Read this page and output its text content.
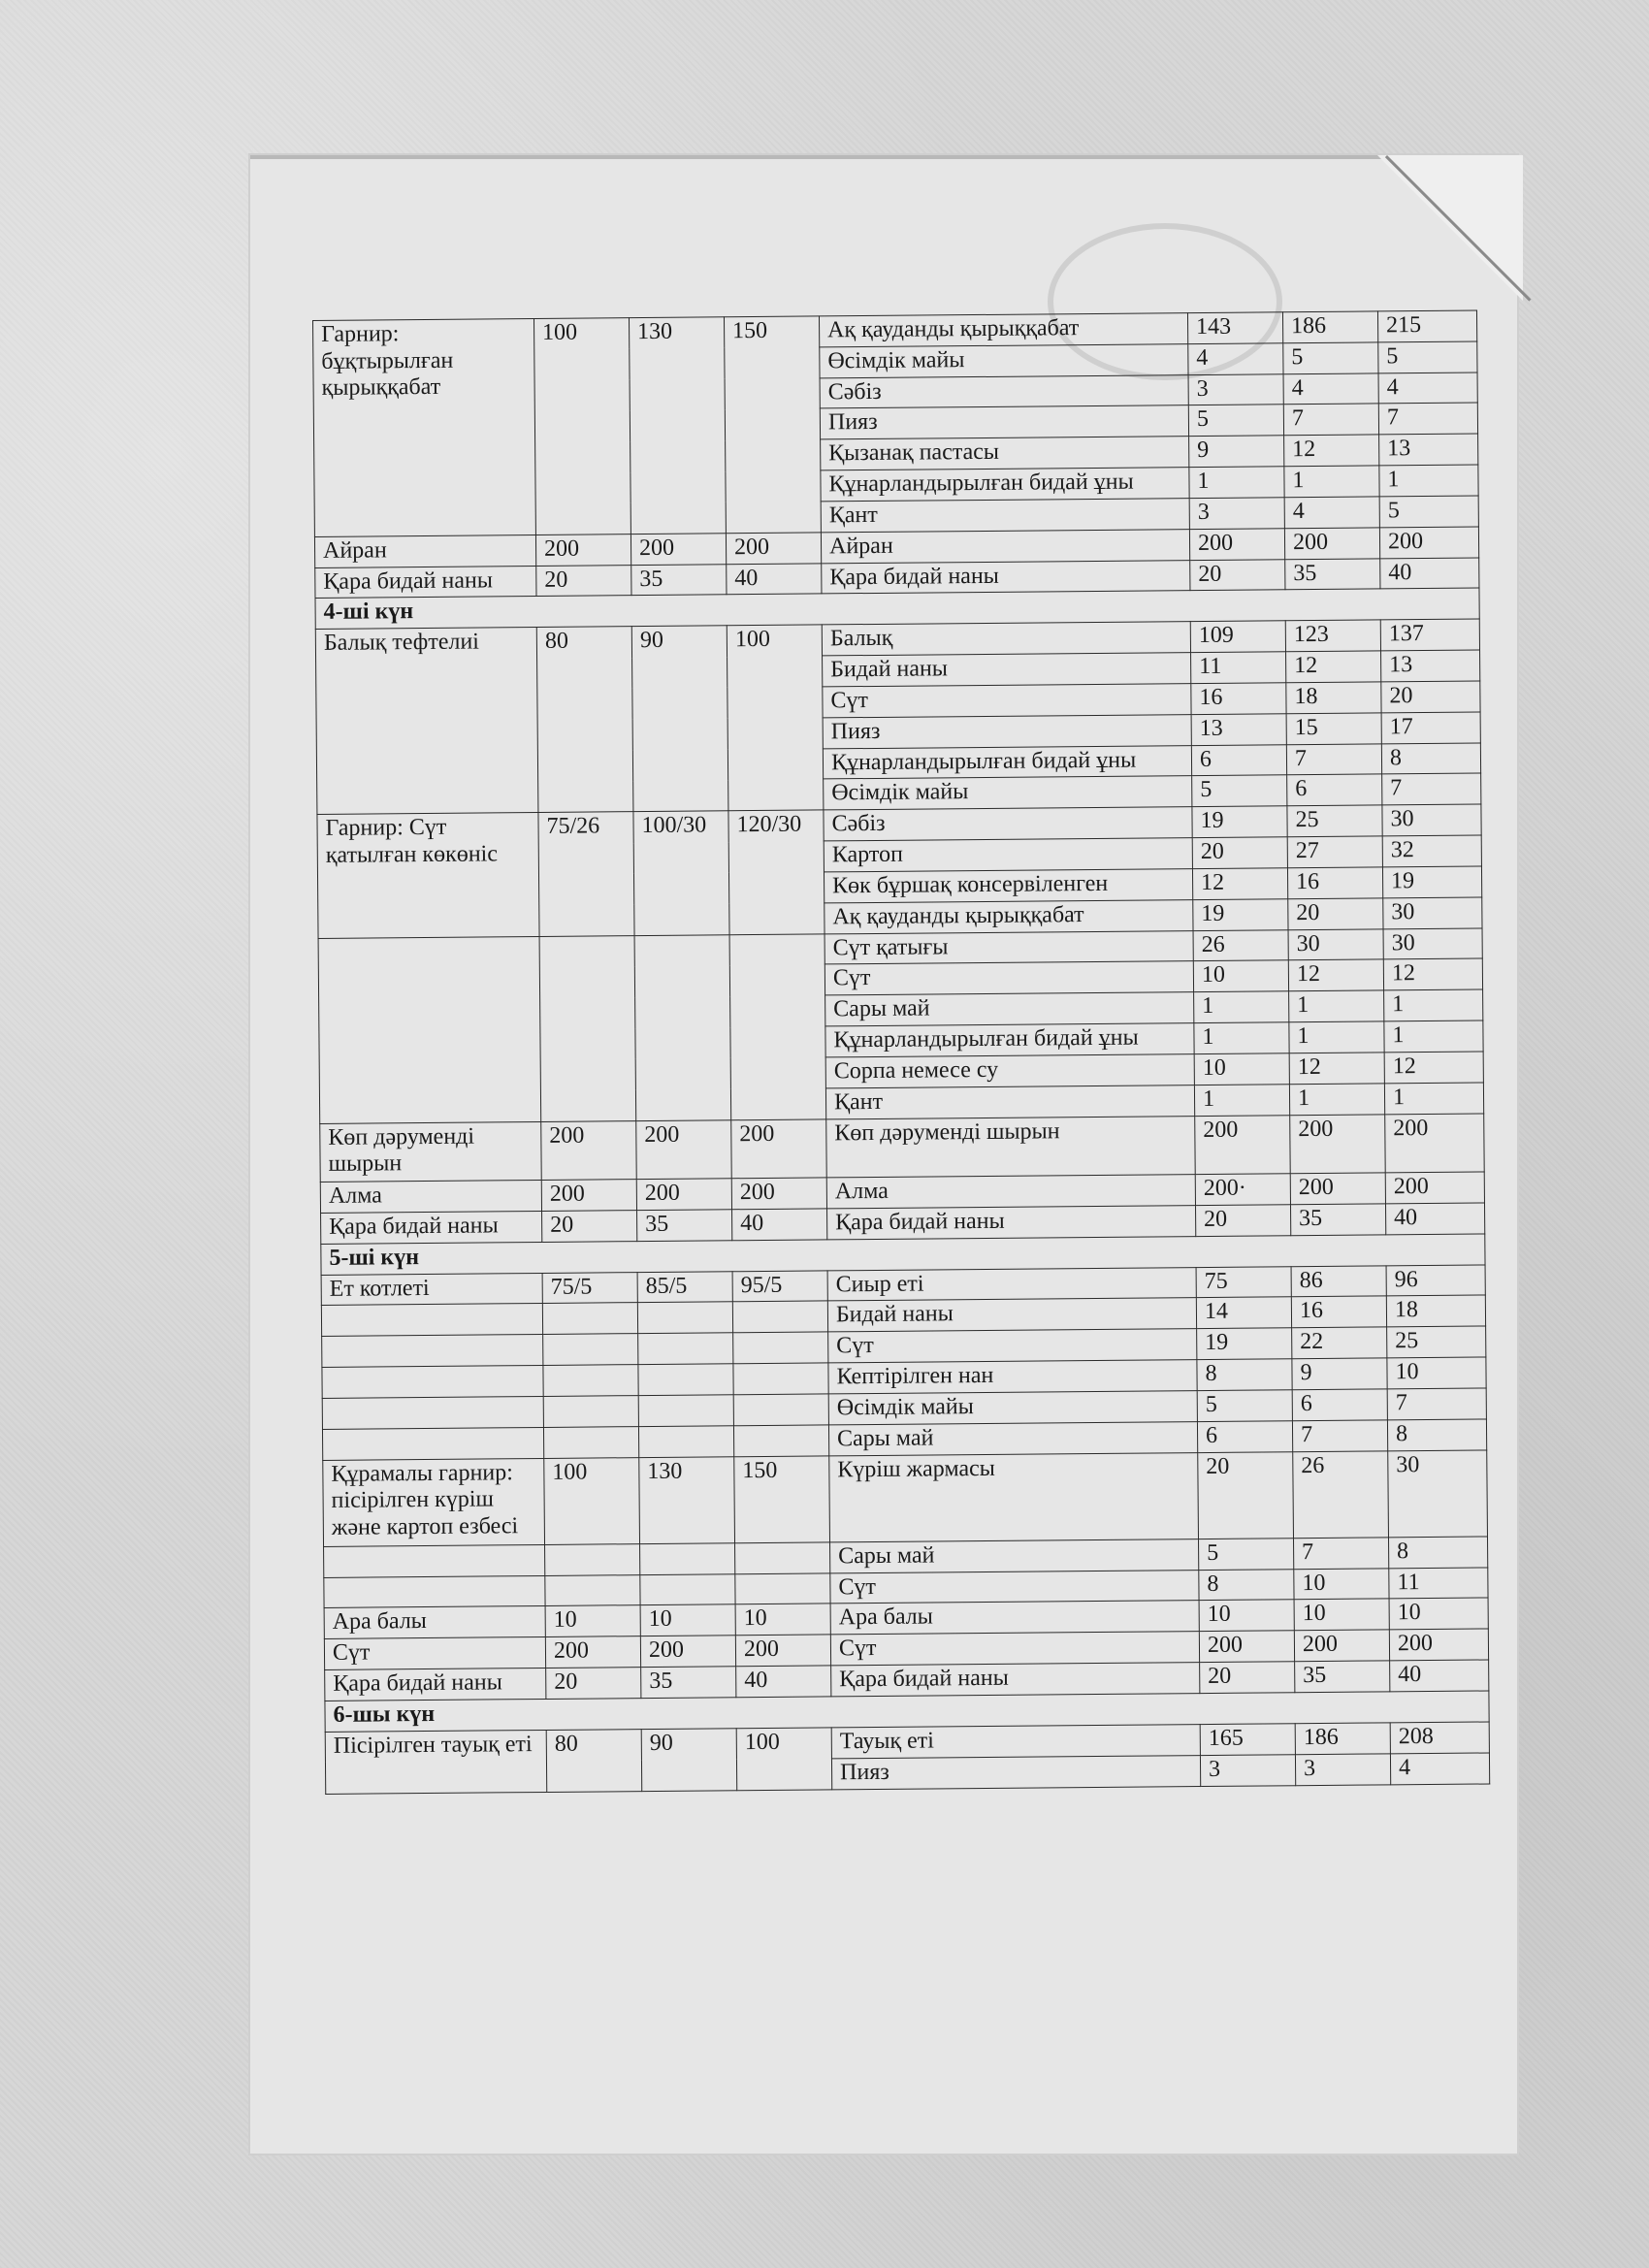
Гарнир: бұқтырылған қырыққабат	100	130	150	Ақ қауданды қырыққабат	143	186	215
				Өсімдік майы	4	5	5
				Сәбіз	3	4	4
				Пияз	5	7	7
				Қызанақ пастасы	9	12	13
				Құнарландырылған бидай ұны	1	1	1
				Қант	3	4	5
Айран	200	200	200	Айран	200	200	200
Қара бидай наны	20	35	40	Қара бидай наны	20	35	40
4-ші күн							
Балық тефтелиі	80	90	100	Балық	109	123	137
				Бидай наны	11	12	13
				Сүт	16	18	20
				Пияз	13	15	17
				Құнарландырылған бидай ұны	6	7	8
				Өсімдік майы	5	6	7
Гарнир: Сүт қатылған көкөніс	75/26	100/30	120/30	Сәбіз	19	25	30
				Картоп	20	27	32
				Көк бұршақ консервіленген	12	16	19
				Ақ қауданды қырыққабат	19	20	30
				Сүт қатығы	26	30	30
				Сүт	10	12	12
				Сары май	1	1	1
				Құнарландырылған бидай ұны	1	1	1
				Сорпа немесе су	10	12	12
				Қант	1	1	1
Көп дәруменді шырын	200	200	200	Көп дәруменді шырын	200	200	200
Алма	200	200	200	Алма	200·	200	200
Қара бидай наны	20	35	40	Қара бидай наны	20	35	40
5-ші күн							
Ет котлеті	75/5	85/5	95/5	Сиыр еті	75	86	96
				Бидай наны	14	16	18
				Сүт	19	22	25
				Кептірілген нан	8	9	10
				Өсімдік майы	5	6	7
				Сары май	6	7	8
Құрамалы гарнир: пісірілген күріш және картоп езбесі	100	130	150	Күріш жармасы	20	26	30
				Сары май	5	7	8
				Сүт	8	10	11
Ара балы	10	10	10	Ара балы	10	10	10
Сүт	200	200	200	Сүт	200	200	200
Қара бидай наны	20	35	40	Қара бидай наны	20	35	40
6-шы күн							
Пісірілген тауық еті	80	90	100	Тауық еті	165	186	208
				Пияз	3	3	4
